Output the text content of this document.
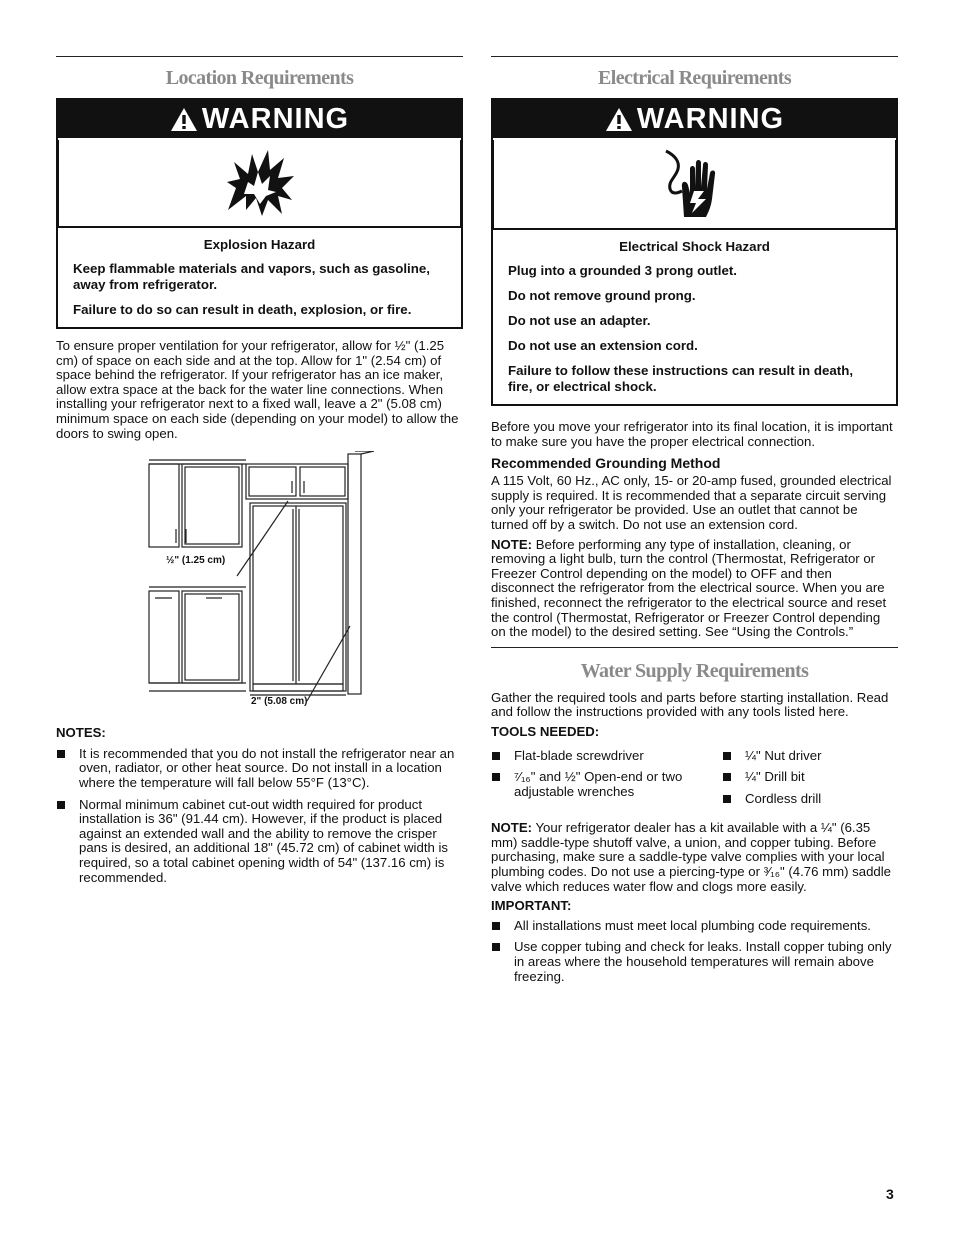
Location Requirements
WARNING

Explosion Hazard

Keep flammable materials and vapors, such as gasoline, away from refrigerator.

Failure to do so can result in death, explosion, or fire.

To ensure proper ventilation for your refrigerator, allow for ½" (1.25 cm) of space on each side and at the top. Allow for 1" (2.54 cm) of space behind the refrigerator. If your refrigerator has an ice maker, allow extra space at the back for the water line connections. When installing your refrigerator next to a fixed wall, leave a 2" (5.08 cm) minimum space on each side (depending on your model) to allow the doors to swing open.

½" (1.25 cm)
2" (5.08 cm)

NOTES:

It is recommended that you do not install the refrigerator near an oven, radiator, or other heat source. Do not install in a location where the temperature will fall below 55°F (13°C).
Normal minimum cabinet cut-out width required for product installation is 36" (91.44 cm). However, if the product is placed against an extended wall and the ability to remove the crisper pans is desired, an additional 18" (45.72 cm) of cabinet width is required, so a total cabinet opening width of 54" (137.16 cm) is recommended.
Electrical Requirements
WARNING

Electrical Shock Hazard

Plug into a grounded 3 prong outlet.

Do not remove ground prong.

Do not use an adapter.

Do not use an extension cord.

Failure to follow these instructions can result in death, fire, or electrical shock.

Before you move your refrigerator into its final location, it is important to make sure you have the proper electrical connection.

Recommended Grounding Method

A 115 Volt, 60 Hz., AC only, 15- or 20-amp fused, grounded electrical supply is required. It is recommended that a separate circuit serving only your refrigerator be provided. Use an outlet that cannot be turned off by a switch. Do not use an extension cord.

NOTE: Before performing any type of installation, cleaning, or removing a light bulb, turn the control (Thermostat, Refrigerator or Freezer Control depending on the model) to OFF and then disconnect the refrigerator from the electrical source. When you are finished, reconnect the refrigerator to the electrical source and reset the control (Thermostat, Refrigerator or Freezer Control depending on the model) to the desired setting. See “Using the Controls.”

Water Supply Requirements

Gather the required tools and parts before starting installation. Read and follow the instructions provided with any tools listed here.

TOOLS NEEDED:

Flat-blade screwdriver
⁷⁄₁₆" and ½" Open-end or two adjustable wrenches
¼" Nut driver
¼" Drill bit
Cordless drill

NOTE: Your refrigerator dealer has a kit available with a ¼" (6.35 mm) saddle-type shutoff valve, a union, and copper tubing. Before purchasing, make sure a saddle-type valve complies with your local plumbing codes. Do not use a piercing-type or ³⁄₁₆" (4.76 mm) saddle valve which reduces water flow and clogs more easily.

IMPORTANT:

All installations must meet local plumbing code requirements.
Use copper tubing and check for leaks. Install copper tubing only in areas where the household temperatures will remain above freezing.
3
